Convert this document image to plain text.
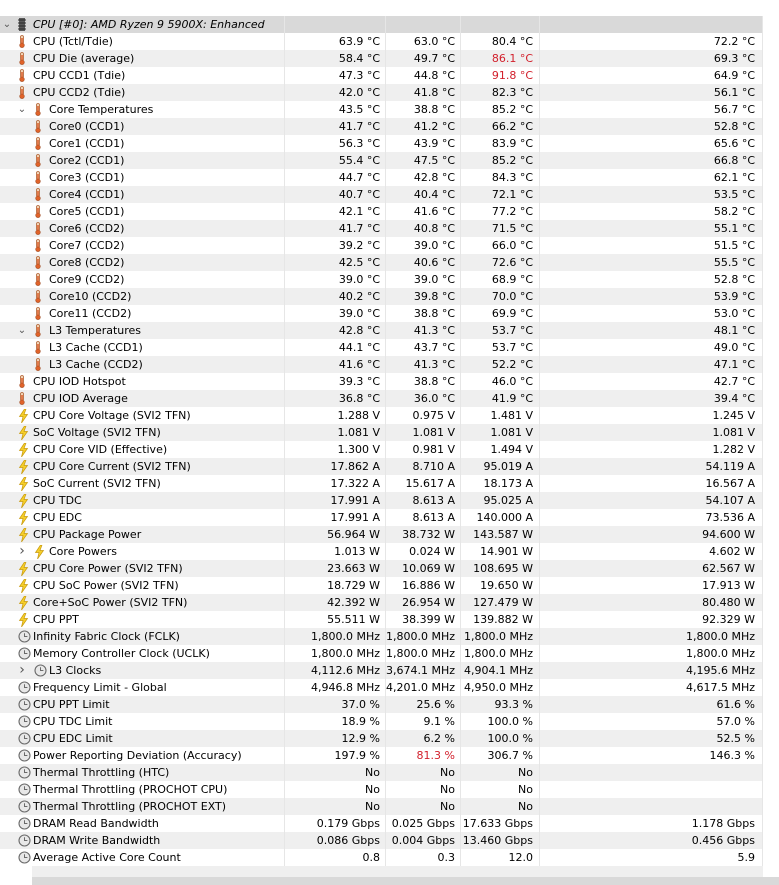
⌄ CPU [#0]: AMD Ryzen 9 5900X: Enhanced
CPU (Tctl/Tdie)	63.9 °C	63.0 °C	80.4 °C	72.2 °C
CPU Die (average)	58.4 °C	49.7 °C	86.1 °C	69.3 °C
CPU CCD1 (Tdie)	47.3 °C	44.8 °C	91.8 °C	64.9 °C
CPU CCD2 (Tdie)	42.0 °C	41.8 °C	82.3 °C	56.1 °C
⌄ Core Temperatures	43.5 °C	38.8 °C	85.2 °C	56.7 °C
Core0 (CCD1)	41.7 °C	41.2 °C	66.2 °C	52.8 °C
Core1 (CCD1)	56.3 °C	43.9 °C	83.9 °C	65.6 °C
Core2 (CCD1)	55.4 °C	47.5 °C	85.2 °C	66.8 °C
Core3 (CCD1)	44.7 °C	42.8 °C	84.3 °C	62.1 °C
Core4 (CCD1)	40.7 °C	40.4 °C	72.1 °C	53.5 °C
Core5 (CCD1)	42.1 °C	41.6 °C	77.2 °C	58.2 °C
Core6 (CCD2)	41.7 °C	40.8 °C	71.5 °C	55.1 °C
Core7 (CCD2)	39.2 °C	39.0 °C	66.0 °C	51.5 °C
Core8 (CCD2)	42.5 °C	40.6 °C	72.6 °C	55.5 °C
Core9 (CCD2)	39.0 °C	39.0 °C	68.9 °C	52.8 °C
Core10 (CCD2)	40.2 °C	39.8 °C	70.0 °C	53.9 °C
Core11 (CCD2)	39.0 °C	38.8 °C	69.9 °C	53.0 °C
⌄ L3 Temperatures	42.8 °C	41.3 °C	53.7 °C	48.1 °C
L3 Cache (CCD1)	44.1 °C	43.7 °C	53.7 °C	49.0 °C
L3 Cache (CCD2)	41.6 °C	41.3 °C	52.2 °C	47.1 °C
CPU IOD Hotspot	39.3 °C	38.8 °C	46.0 °C	42.7 °C
CPU IOD Average	36.8 °C	36.0 °C	41.9 °C	39.4 °C
CPU Core Voltage (SVI2 TFN)	1.288 V	0.975 V	1.481 V	1.245 V
SoC Voltage (SVI2 TFN)	1.081 V	1.081 V	1.081 V	1.081 V
CPU Core VID (Effective)	1.300 V	0.981 V	1.494 V	1.282 V
CPU Core Current (SVI2 TFN)	17.862 A	8.710 A	95.019 A	54.119 A
SoC Current (SVI2 TFN)	17.322 A	15.617 A	18.173 A	16.567 A
CPU TDC	17.991 A	8.613 A	95.025 A	54.107 A
CPU EDC	17.991 A	8.613 A	140.000 A	73.536 A
CPU Package Power	56.964 W	38.732 W	143.587 W	94.600 W
› Core Powers	1.013 W	0.024 W	14.901 W	4.602 W
CPU Core Power (SVI2 TFN)	23.663 W	10.069 W	108.695 W	62.567 W
CPU SoC Power (SVI2 TFN)	18.729 W	16.886 W	19.650 W	17.913 W
Core+SoC Power (SVI2 TFN)	42.392 W	26.954 W	127.479 W	80.480 W
CPU PPT	55.511 W	38.399 W	139.882 W	92.329 W
Infinity Fabric Clock (FCLK)	1,800.0 MHz 1,800.0 MHz 1,800.0 MHz	1,800.0 MHz
Memory Controller Clock (UCLK)	1,800.0 MHz 1,800.0 MHz 1,800.0 MHz	1,800.0 MHz
› L3 Clocks	4,112.6 MHz 3,674.1 MHz 4,904.1 MHz	4,195.6 MHz
Frequency Limit - Global	4,946.8 MHz 4,201.0 MHz 4,950.0 MHz	4,617.5 MHz
CPU PPT Limit	37.0 %	25.6 %	93.3 %	61.6 %
CPU TDC Limit	18.9 %	9.1 %	100.0 %	57.0 %
CPU EDC Limit	12.9 %	6.2 %	100.0 %	52.5 %
Power Reporting Deviation (Accuracy)	197.9 %	81.3 %	306.7 %	146.3 %
Thermal Throttling (HTC)	No	No	No
Thermal Throttling (PROCHOT CPU)	No	No	No
Thermal Throttling (PROCHOT EXT)	No	No	No
DRAM Read Bandwidth	0.179 Gbps	0.025 Gbps 17.633 Gbps	1.178 Gbps
DRAM Write Bandwidth	0.086 Gbps	0.004 Gbps 13.460 Gbps	0.456 Gbps
Average Active Core Count	0.8	0.3	12.0	5.9
